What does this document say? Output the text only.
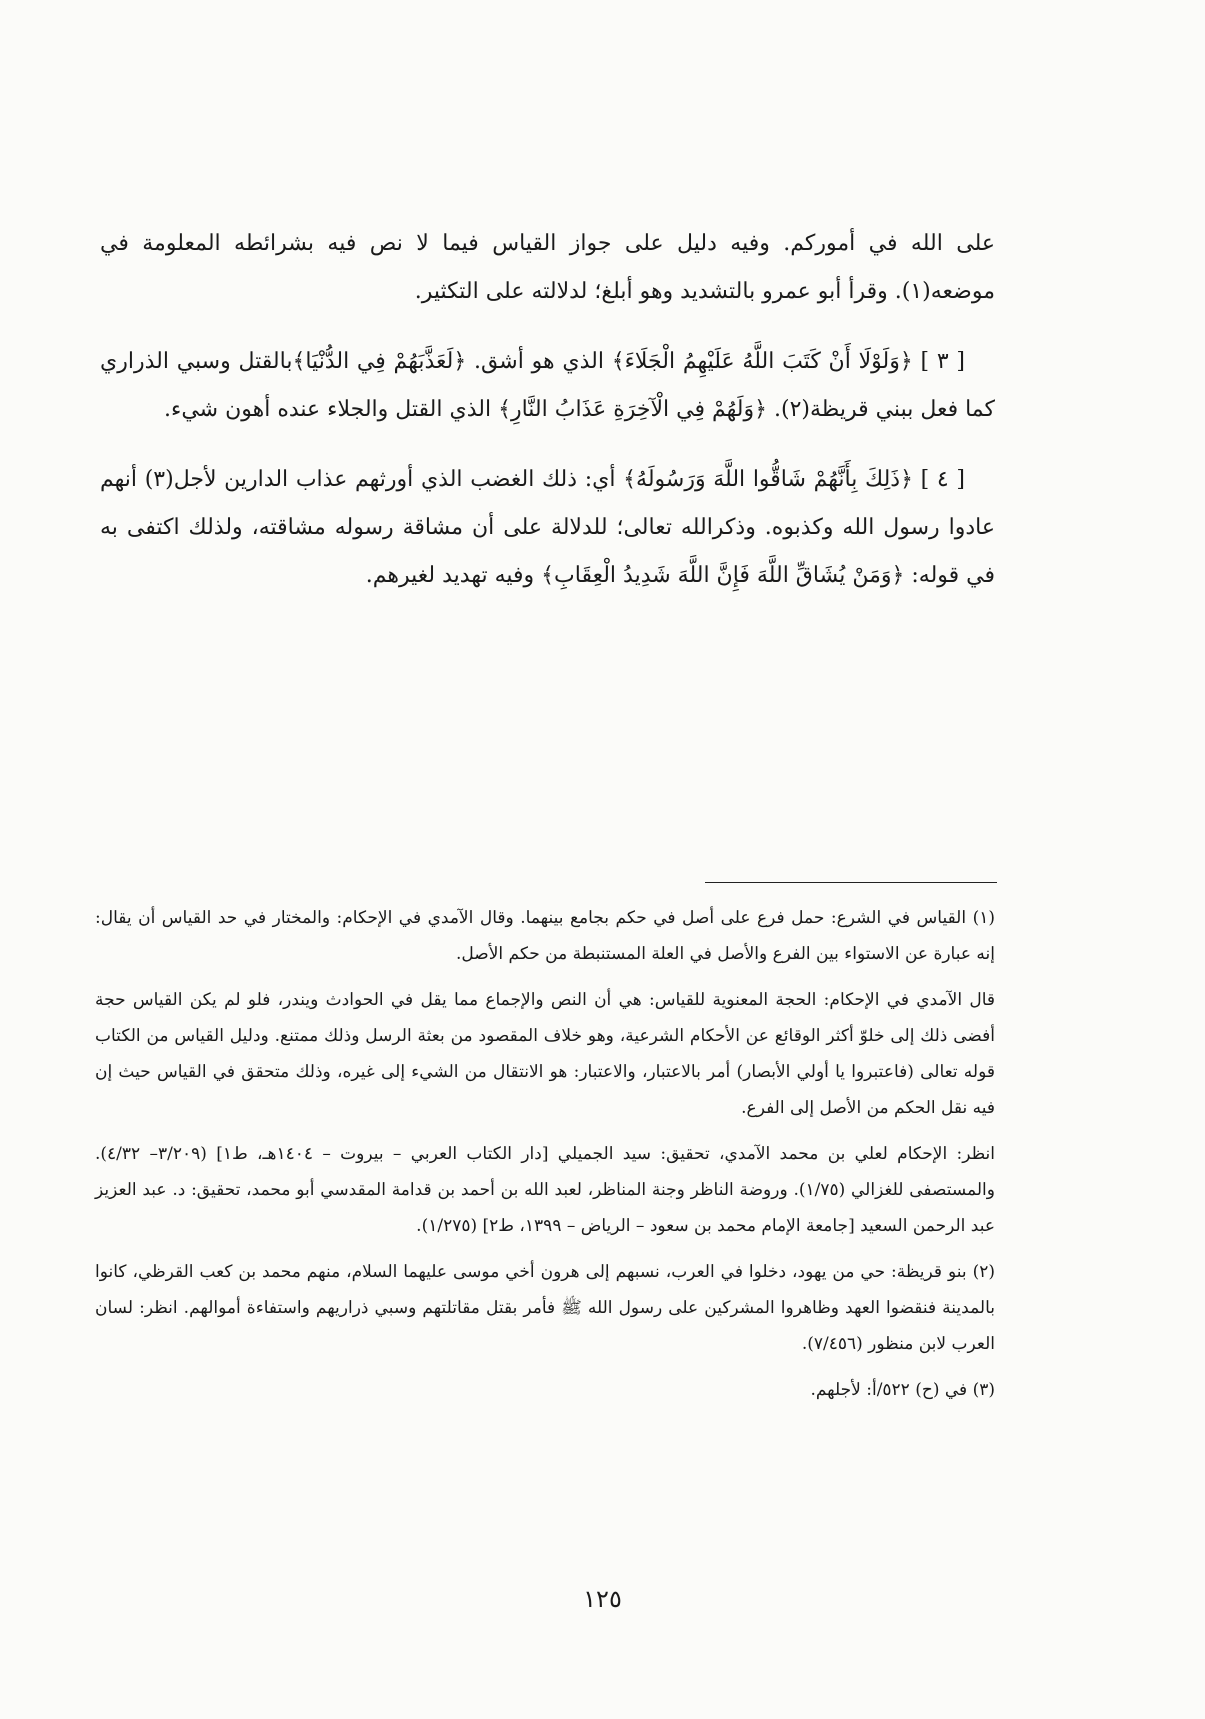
على الله في أموركم. وفيه دليل على جواز القياس فيما لا نص فيه بشرائطه المعلومة في موضعه(١). وقرأ أبو عمرو بالتشديد وهو أبلغ؛ لدلالته على التكثير.

[ ٣ ] ﴿وَلَوْلَا أَنْ كَتَبَ اللَّهُ عَلَيْهِمُ الْجَلَاءَ﴾ الذي هو أشق. ﴿لَعَذَّبَهُمْ فِي الدُّنْيَا﴾بالقتل وسبي الذراري كما فعل ببني قريظة(٢). ﴿وَلَهُمْ فِي الْآخِرَةِ عَذَابُ النَّارِ﴾ الذي القتل والجلاء عنده أهون شيء.

[ ٤ ] ﴿ذَلِكَ بِأَنَّهُمْ شَاقُّوا اللَّهَ وَرَسُولَهُ﴾ أي: ذلك الغضب الذي أورثهم عذاب الدارين لأجل(٣) أنهم عادوا رسول الله وكذبوه. وذكرالله تعالى؛ للدلالة على أن مشاقة رسوله مشاقته، ولذلك اكتفى به في قوله: ﴿وَمَنْ يُشَاقِّ اللَّهَ فَإِنَّ اللَّهَ شَدِيدُ الْعِقَابِ﴾ وفيه تهديد لغيرهم.

(١) القياس في الشرع: حمل فرع على أصل في حكم بجامع بينهما. وقال الآمدي في الإحكام: والمختار في حد القياس أن يقال: إنه عبارة عن الاستواء بين الفرع والأصل في العلة المستنبطة من حكم الأصل.

قال الآمدي في الإحكام: الحجة المعنوية للقياس: هي أن النص والإجماع مما يقل في الحوادث ويندر، فلو لم يكن القياس حجة أفضى ذلك إلى خلوّ أكثر الوقائع عن الأحكام الشرعية، وهو خلاف المقصود من بعثة الرسل وذلك ممتنع. ودليل القياس من الكتاب قوله تعالى (فاعتبروا يا أولي الأبصار) أمر بالاعتبار، والاعتبار: هو الانتقال من الشيء إلى غيره، وذلك متحقق في القياس حيث إن فيه نقل الحكم من الأصل إلى الفرع.

انظر: الإحكام لعلي بن محمد الآمدي، تحقيق: سيد الجميلي [دار الكتاب العربي – بيروت – ١٤٠٤هـ، ط١] (٣/٢٠٩– ٤/٣٢). والمستصفى للغزالي (١/٧٥). وروضة الناظر وجنة المناظر، لعبد الله بن أحمد بن قدامة المقدسي أبو محمد، تحقيق: د. عبد العزيز عبد الرحمن السعيد [جامعة الإمام محمد بن سعود – الرياض – ١٣٩٩، ط٢] (١/٢٧٥).

(٢) بنو قريظة: حي من يهود، دخلوا في العرب، نسبهم إلى هرون أخي موسى عليهما السلام، منهم محمد بن كعب القرظي، كانوا بالمدينة فنقضوا العهد وظاهروا المشركين على رسول الله ﷺ فأمر بقتل مقاتلتهم وسبي ذراريهم واستفاءة أموالهم. انظر: لسان العرب لابن منظور (٧/٤٥٦).

(٣) في (ح) ٥٢٢/أ: لأجلهم.

١٢٥
